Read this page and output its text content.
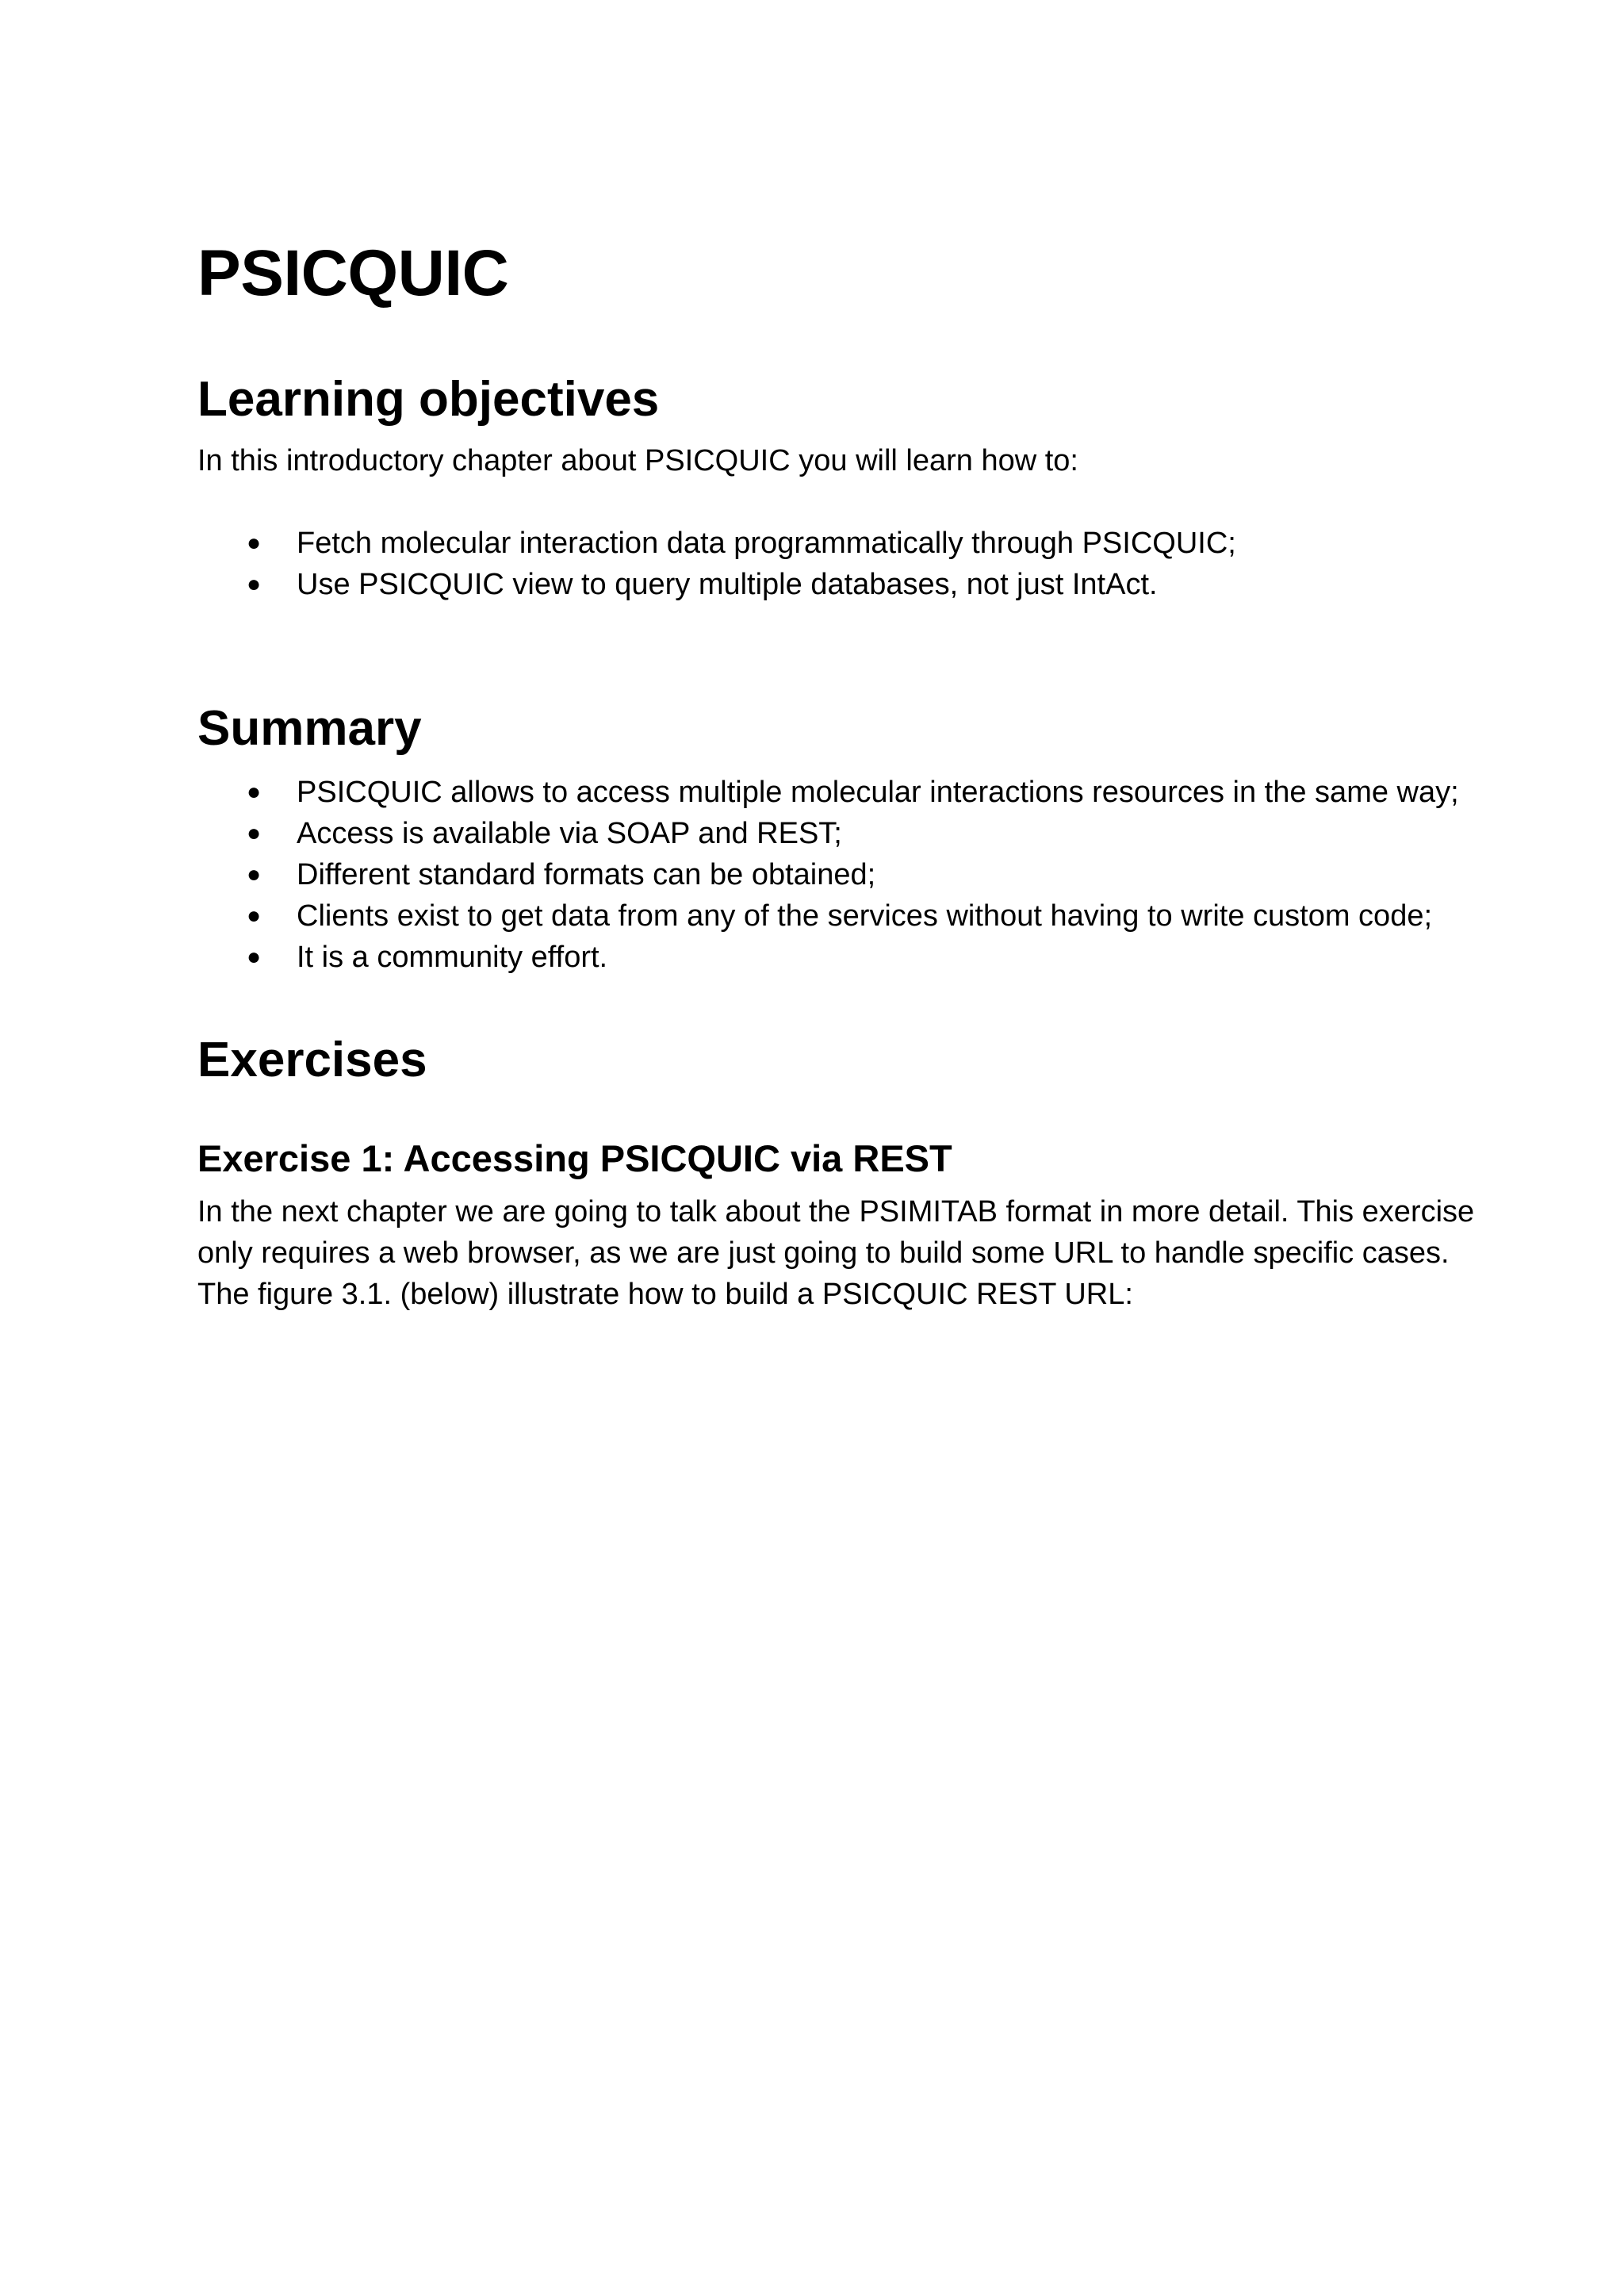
PSICQUIC
Learning objectives

In this introductory chapter about PSICQUIC you will learn how to:

● Fetch molecular interaction data programmatically through PSICQUIC;
● Use PSICQUIC view to query multiple databases, not just IntAct.
Summary
● PSICQUIC allows to access multiple molecular interactions resources in the same way;
● Access is available via SOAP and REST;
● Different standard formats can be obtained;
● Clients exist to get data from any of the services without having to write custom code;
● It is a community effort.
Exercises
Exercise 1: Accessing PSICQUIC via REST

In the next chapter we are going to talk about the PSIMITAB format in more detail. This exercise only requires a web browser, as we are just going to build some URL to handle specific cases.

The figure 3.1. (below) illustrate how to build a PSICQUIC REST URL:
